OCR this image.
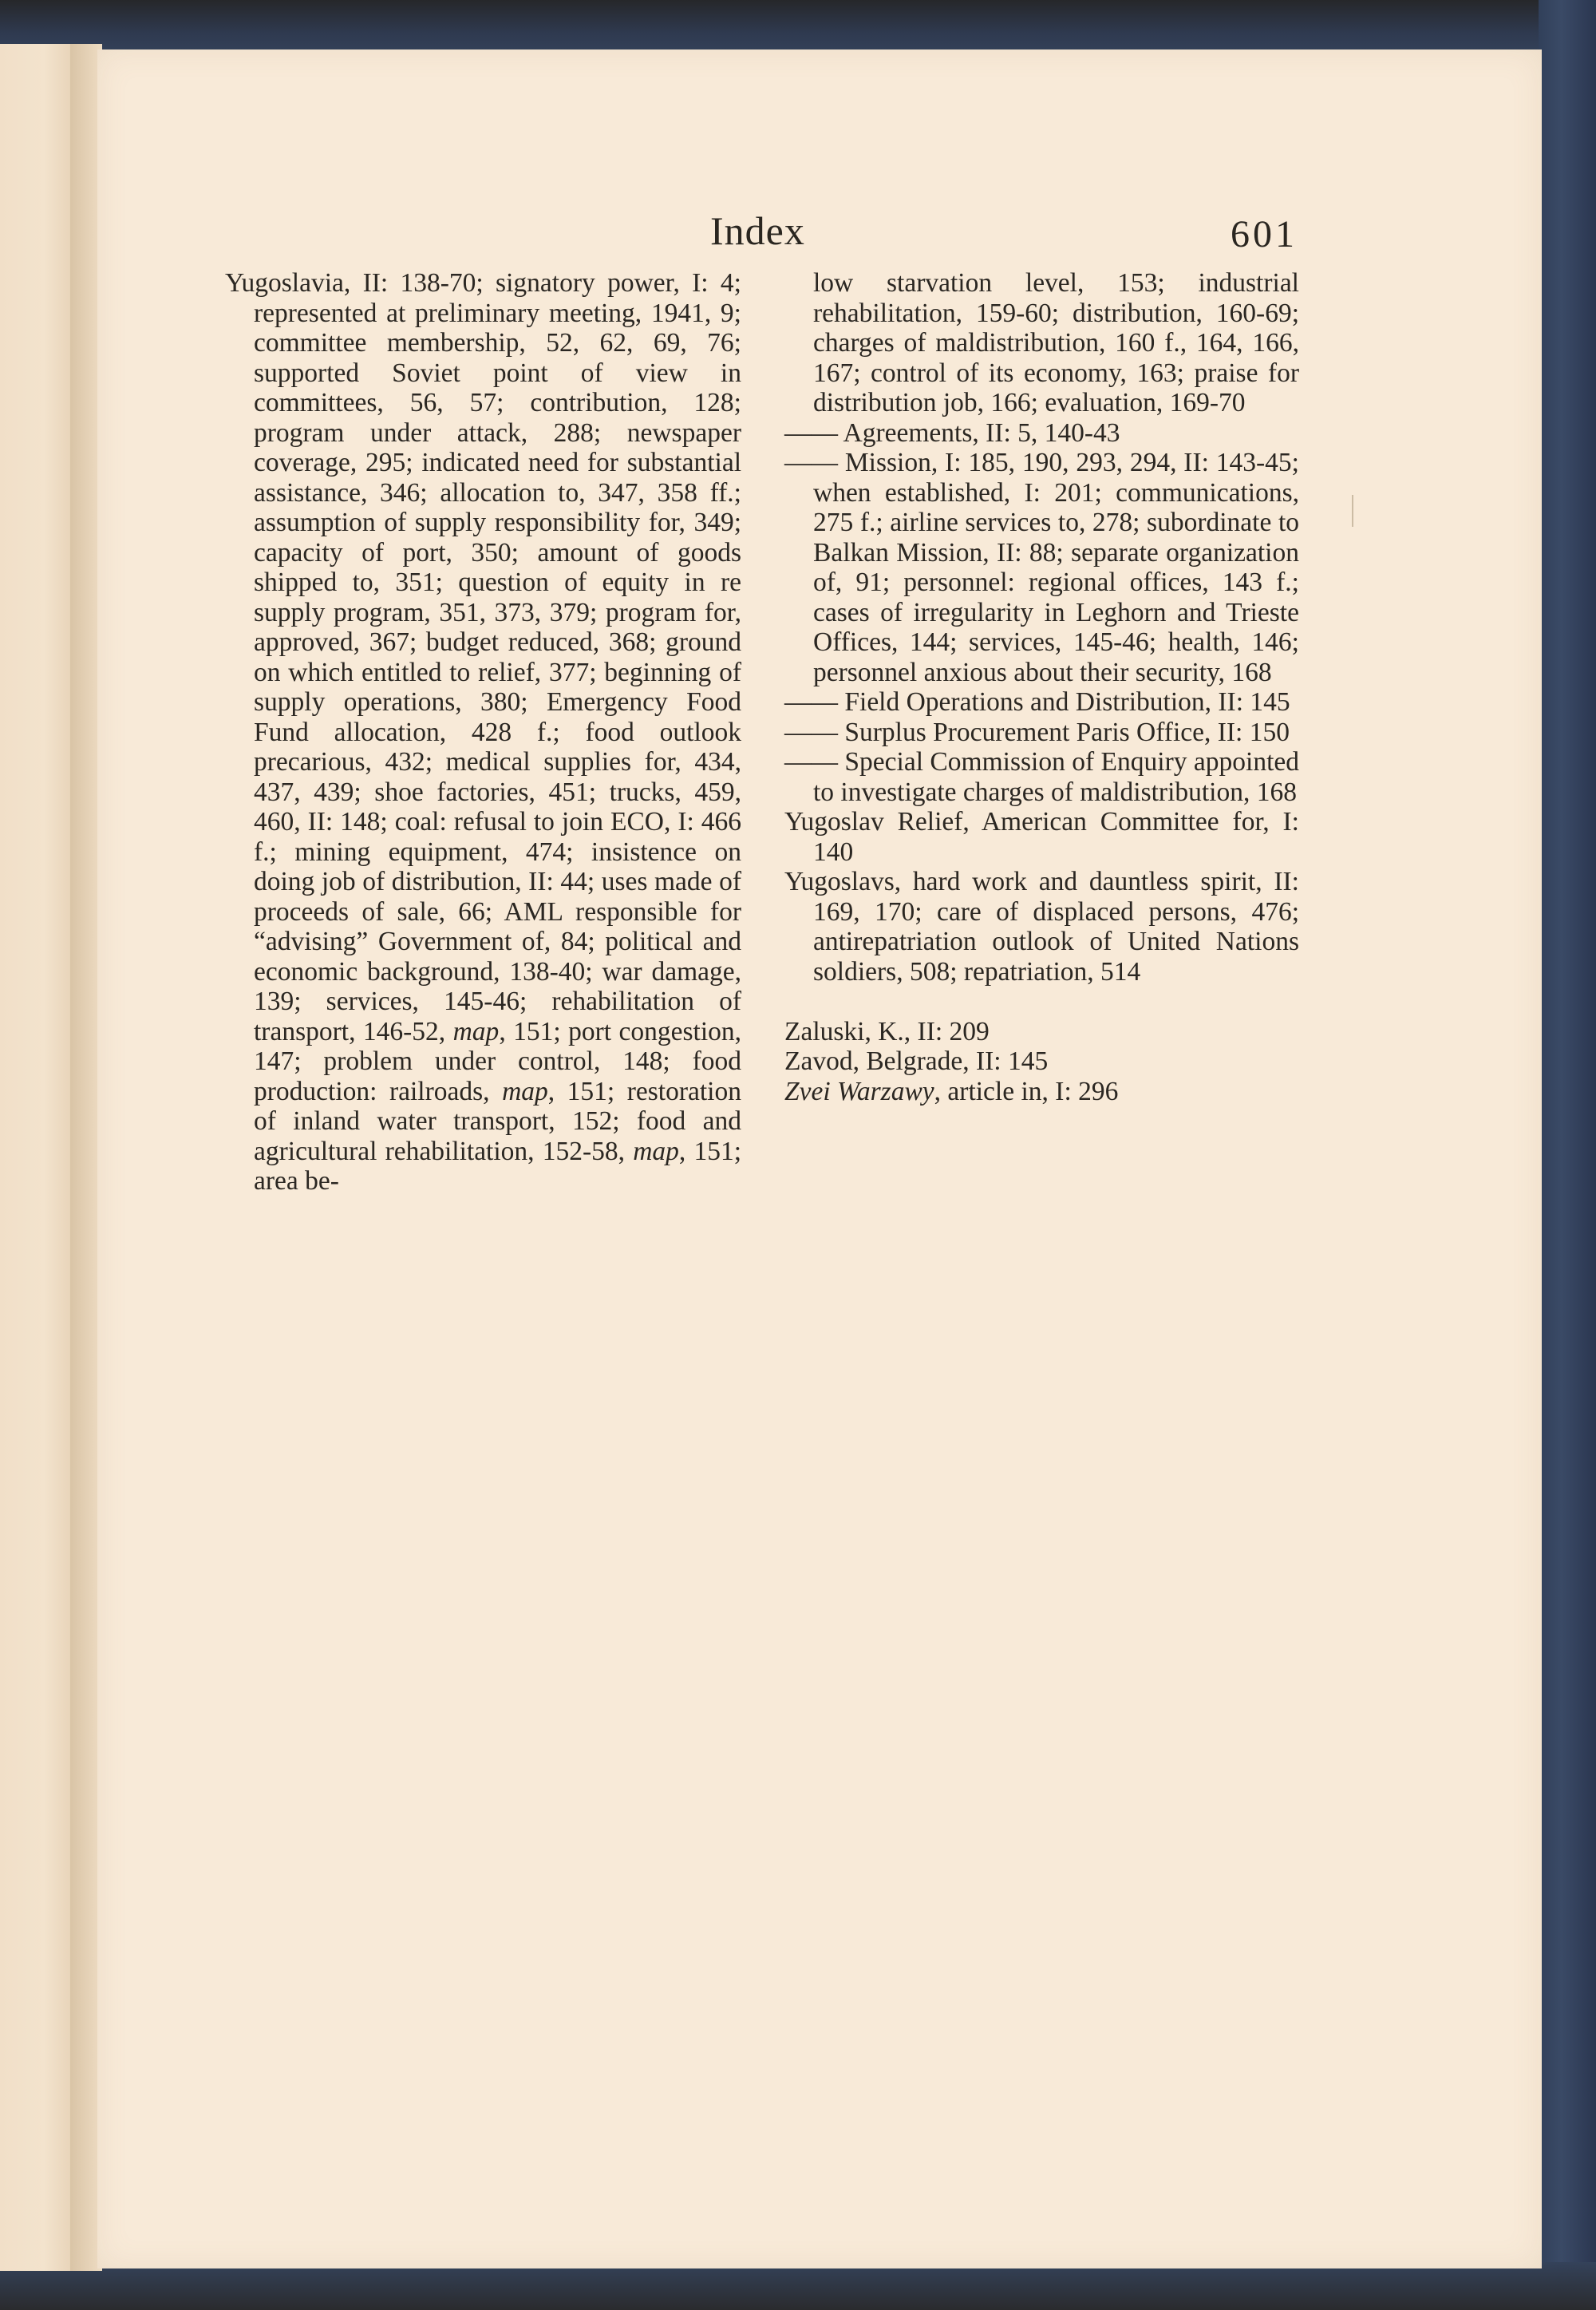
Index	601
Yugoslavia, II: 138-70; signatory power, I: 4; represented at preliminary meeting, 1941, 9; committee membership, 52, 62, 69, 76; supported Soviet point of view in committees, 56, 57; contribution, 128; program under attack, 288; newspaper coverage, 295; indicated need for substantial assistance, 346; allocation to, 347, 358 ff.; assumption of supply responsibility for, 349; capacity of port, 350; amount of goods shipped to, 351; question of equity in re supply program, 351, 373, 379; program for, approved, 367; budget reduced, 368; ground on which entitled to relief, 377; beginning of supply operations, 380; Emergency Food Fund allocation, 428 f.; food outlook precarious, 432; medical supplies for, 434, 437, 439; shoe factories, 451; trucks, 459, 460, II: 148; coal: refusal to join ECO, I: 466 f.; mining equipment, 474; insistence on doing job of distribution, II: 44; uses made of proceeds of sale, 66; AML responsible for “advising” Government of, 84; political and economic background, 138-40; war damage, 139; services, 145-46; rehabilitation of transport, 146-52, map, 151; port congestion, 147; problem under control, 148; food production: railroads, map, 151; restoration of inland water transport, 152; food and agricultural rehabilitation, 152-58, map, 151; area be-
low starvation level, 153; industrial rehabilitation, 159-60; distribution, 160-69; charges of maldistribution, 160 f., 164, 166, 167; control of its economy, 163; praise for distribution job, 166; evaluation, 169-70
—— Agreements, II: 5, 140-43
—— Mission, I: 185, 190, 293, 294, II: 143-45; when established, I: 201; communications, 275 f.; airline services to, 278; subordinate to Balkan Mission, II: 88; separate organization of, 91; personnel: regional offices, 143 f.; cases of irregularity in Leghorn and Trieste Offices, 144; services, 145-46; health, 146; personnel anxious about their security, 168
—— Field Operations and Distribution, II: 145
—— Surplus Procurement Paris Office, II: 150
—— Special Commission of Enquiry appointed to investigate charges of maldistribution, 168
Yugoslav Relief, American Committee for, I: 140
Yugoslavs, hard work and dauntless spirit, II: 169, 170; care of displaced persons, 476; antirepatriation outlook of United Nations soldiers, 508; repatriation, 514
Zaluski, K., II: 209
Zavod, Belgrade, II: 145
Zvei Warzawy, article in, I: 296
